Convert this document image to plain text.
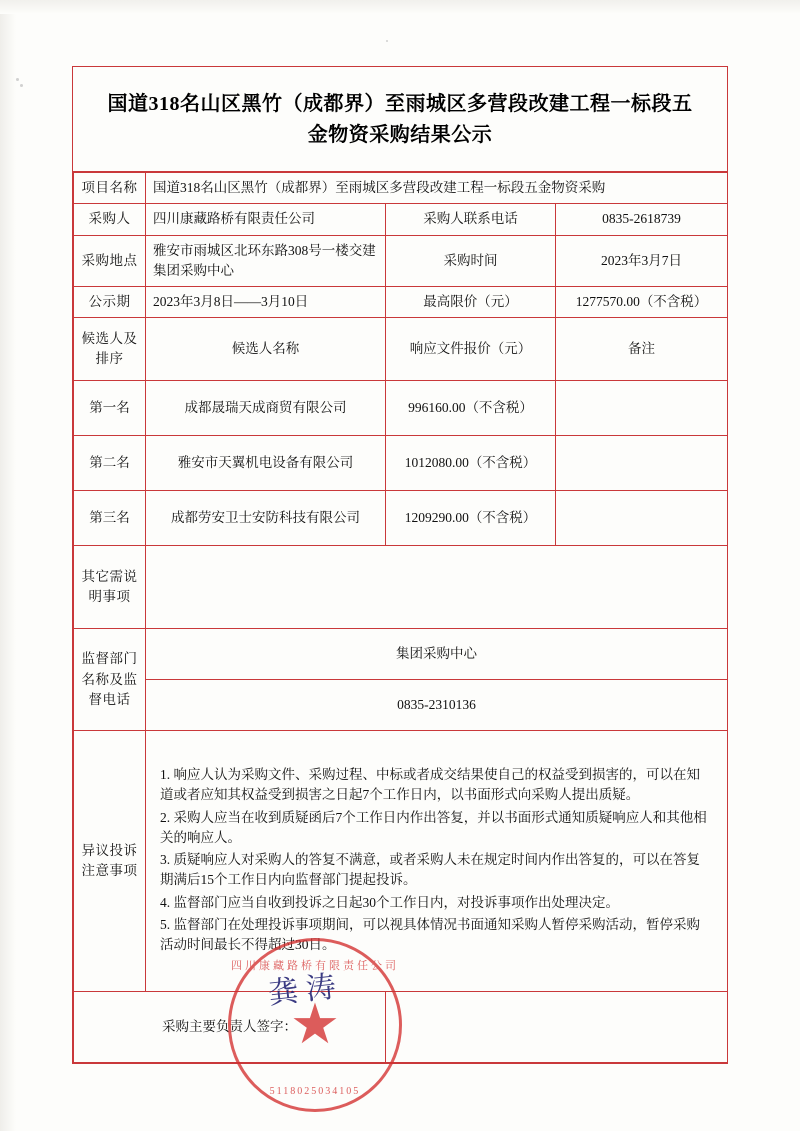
国道318名山区黑竹（成都界）至雨城区多营段改建工程一标段五金物资采购结果公示
项目名称	国道318名山区黑竹（成都界）至雨城区多营段改建工程一标段五金物资采购		
采购人	四川康藏路桥有限责任公司	采购人联系电话	0835-2618739
采购地点	雅安市雨城区北环东路308号一楼交建集团采购中心	采购时间	2023年3月7日
公示期	2023年3月8日——3月10日	最高限价（元）	1277570.00（不含税）
候选人及排序	候选人名称	响应文件报价（元）	备注
第一名	成都晟瑞天成商贸有限公司	996160.00（不含税）	
第二名	雅安市天翼机电设备有限公司	1012080.00（不含税）	
第三名	成都劳安卫士安防科技有限公司	1209290.00（不含税）	
其它需说明事项			
监督部门名称及监督电话	集团采购中心		
	0835-2310136		
异议投诉注意事项	1. 响应人认为采购文件、采购过程、中标或者成交结果使自己的权益受到损害的，可以在知道或者应知其权益受到损害之日起7个工作日内，以书面形式向采购人提出质疑。

2. 采购人应当在收到质疑函后7个工作日内作出答复，并以书面形式通知质疑响应人和其他相关的响应人。

3. 质疑响应人对采购人的答复不满意，或者采购人未在规定时间内作出答复的，可以在答复期满后15个工作日内向监督部门提起投诉。

4. 监督部门应当自收到投诉之日起30个工作日内，对投诉事项作出处理决定。

5. 监督部门在处理投诉事项期间，可以视具体情况书面通知采购人暂停采购活动，暂停采购活动时间最长不得超过30日。		

采购主要负责人签字：			
四川康藏路桥有限责任公司
★
5118025034105
龚 涛
